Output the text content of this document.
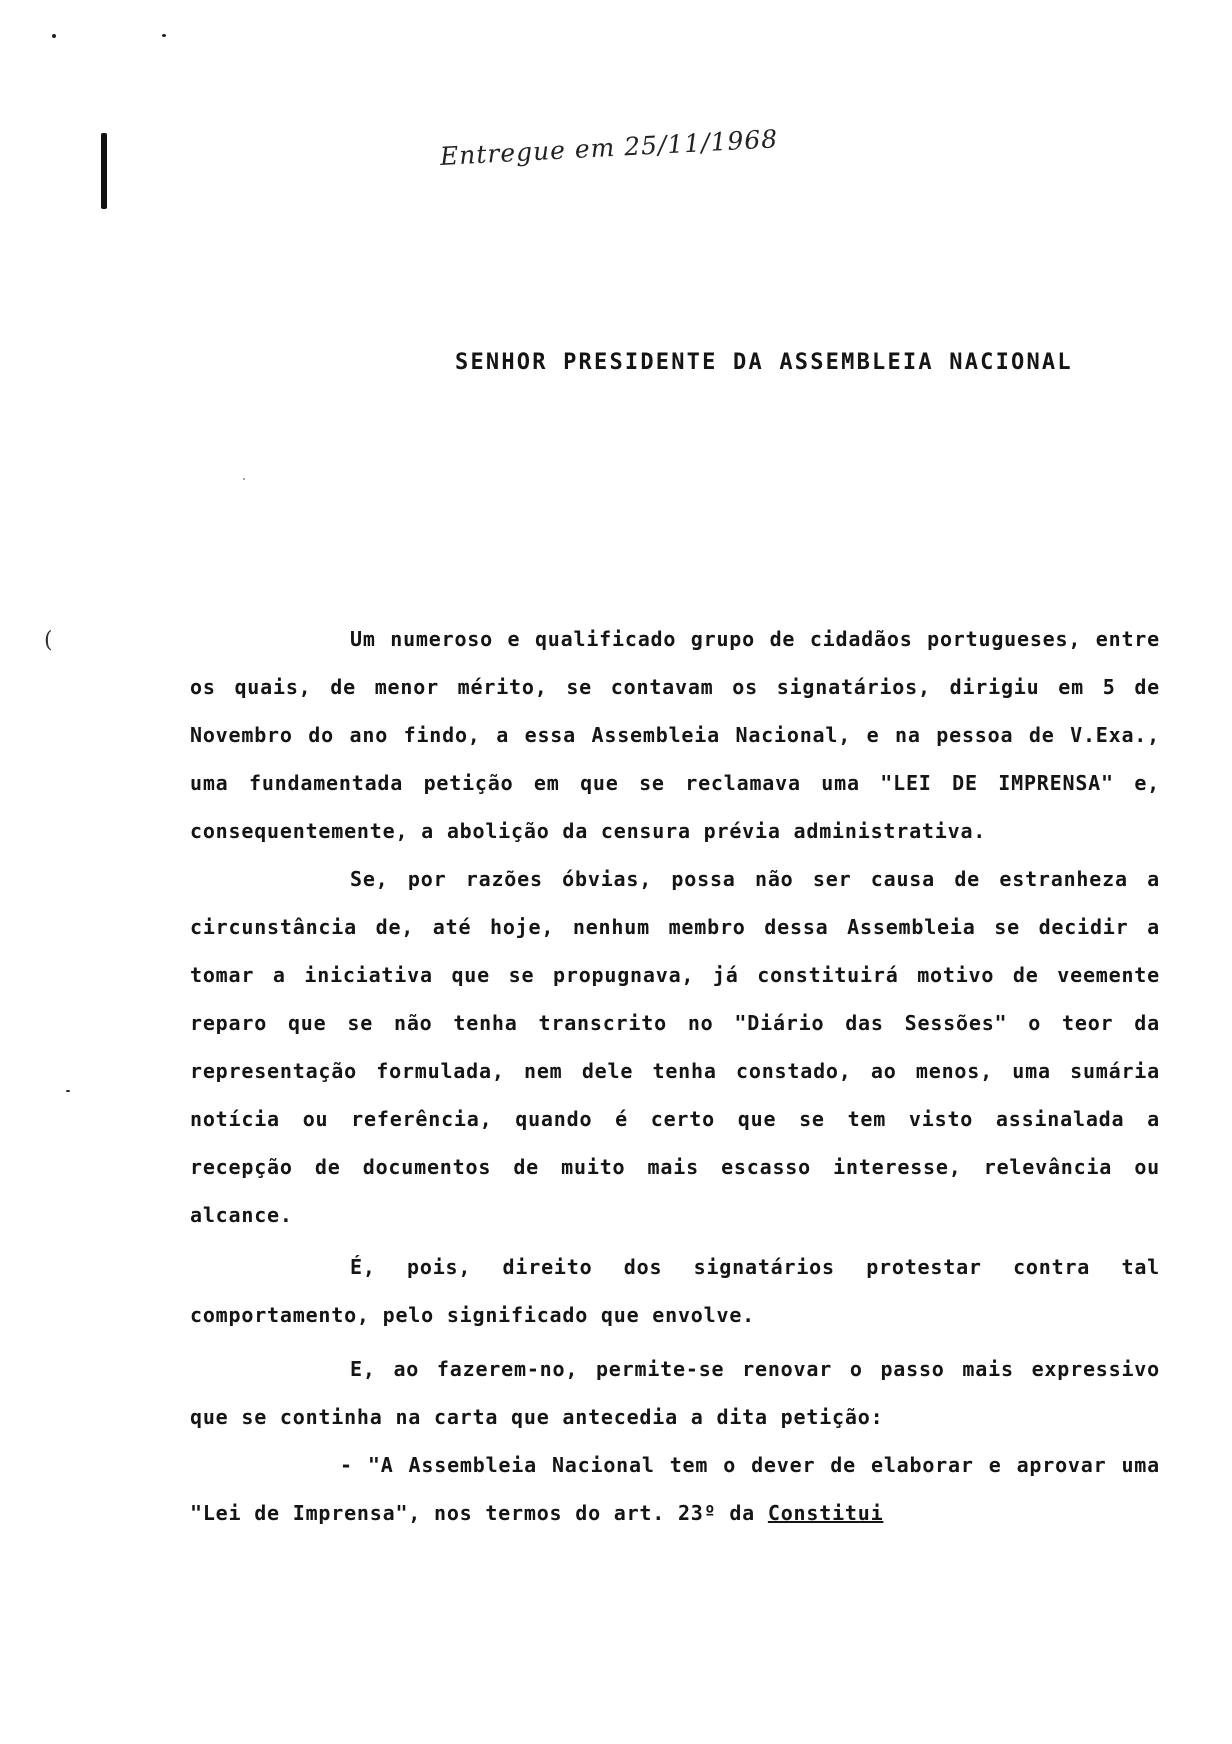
(
Entregue em 25/11/1968
SENHOR PRESIDENTE DA ASSEMBLEIA NACIONAL

Um numeroso e qualificado grupo de cidadãos portugueses, entre os quais, de menor mérito, se contavam os signatários, dirigiu em 5 de Novembro do ano findo, a essa Assembleia Nacional, e na pessoa de V.Exa., uma fundamentada petição em que se reclamava uma "LEI DE IMPRENSA" e, consequentemente, a abolição da censura prévia administrativa.

Se, por razões óbvias, possa não ser causa de estranheza a circunstância de, até hoje, nenhum membro dessa Assembleia se decidir a tomar a iniciativa que se propugnava, já constituirá motivo de veemente reparo que se não tenha transcrito no "Diário das Sessões" o teor da representação formulada, nem dele tenha constado, ao menos, uma sumária notícia ou referência, quando é certo que se tem visto assinalada a recepção de documentos de muito mais escasso interesse, relevância ou alcance.

É, pois, direito dos signatários protestar contra tal comportamento, pelo significado que envolve.

E, ao fazerem-no, permite-se renovar o passo mais expressivo que se continha na carta que antecedia a dita petição:

- "A Assembleia Nacional tem o dever de elaborar e aprovar uma "Lei de Imprensa", nos termos do art. 23º da Constitui
